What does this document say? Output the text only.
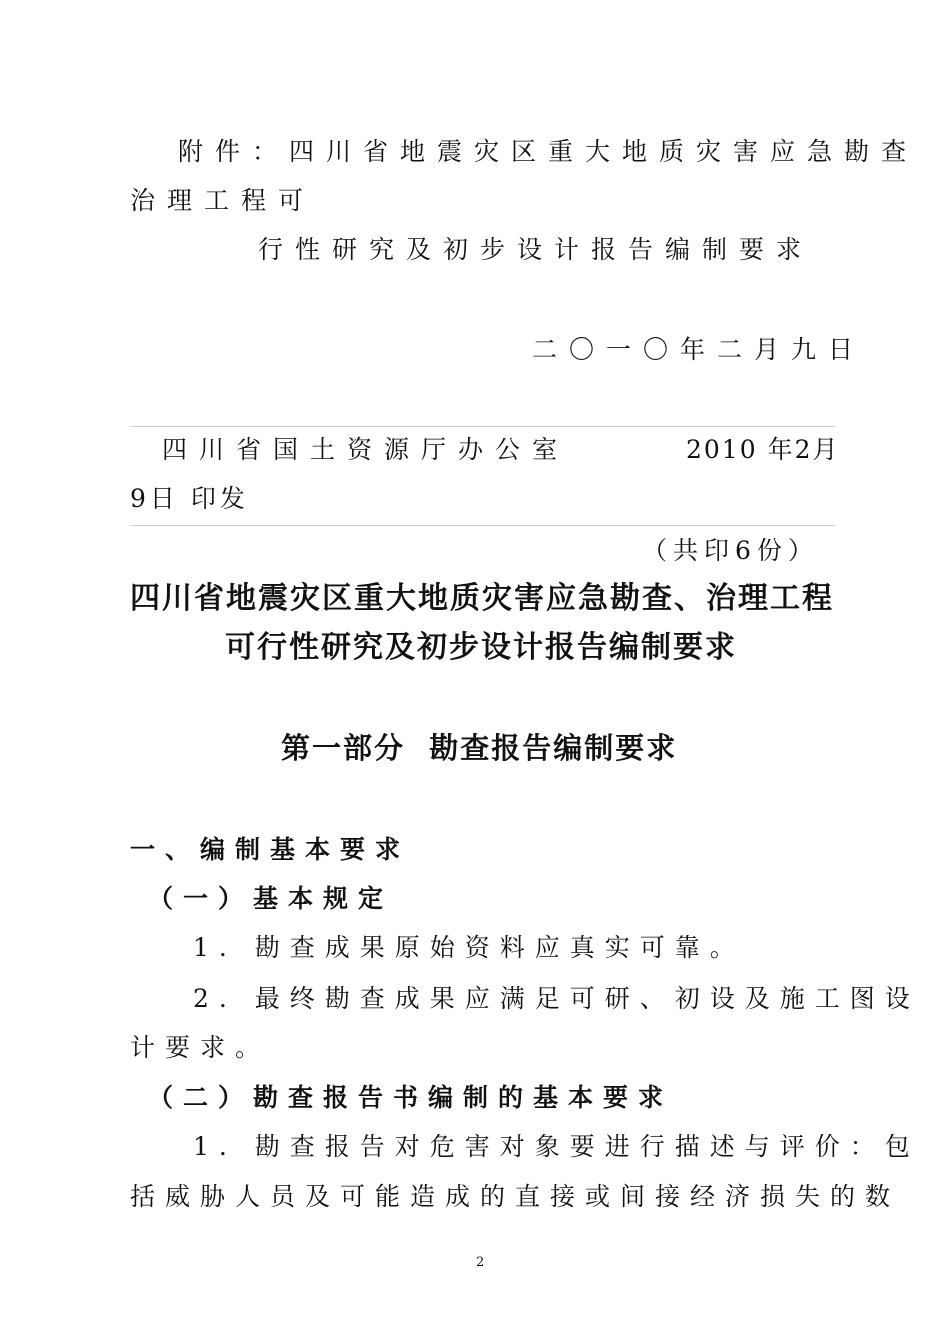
附件：四川省地震灾区重大地质灾害应急勘查
治理工程可
行性研究及初步设计报告编制要求
二〇一〇年二月九日
四川省国土资源厅办公室	2010 年2月
9日 印发
（共印6份）
四川省地震灾区重大地质灾害应急勘查、治理工程
可行性研究及初步设计报告编制要求
第一部分  勘查报告编制要求
一、编制基本要求
（一）基本规定
1. 勘查成果原始资料应真实可靠。
2. 最终勘查成果应满足可研、初设及施工图设
计要求。
（二）勘查报告书编制的基本要求
1. 勘查报告对危害对象要进行描述与评价：包
括威胁人员及可能造成的直接或间接经济损失的数
2
